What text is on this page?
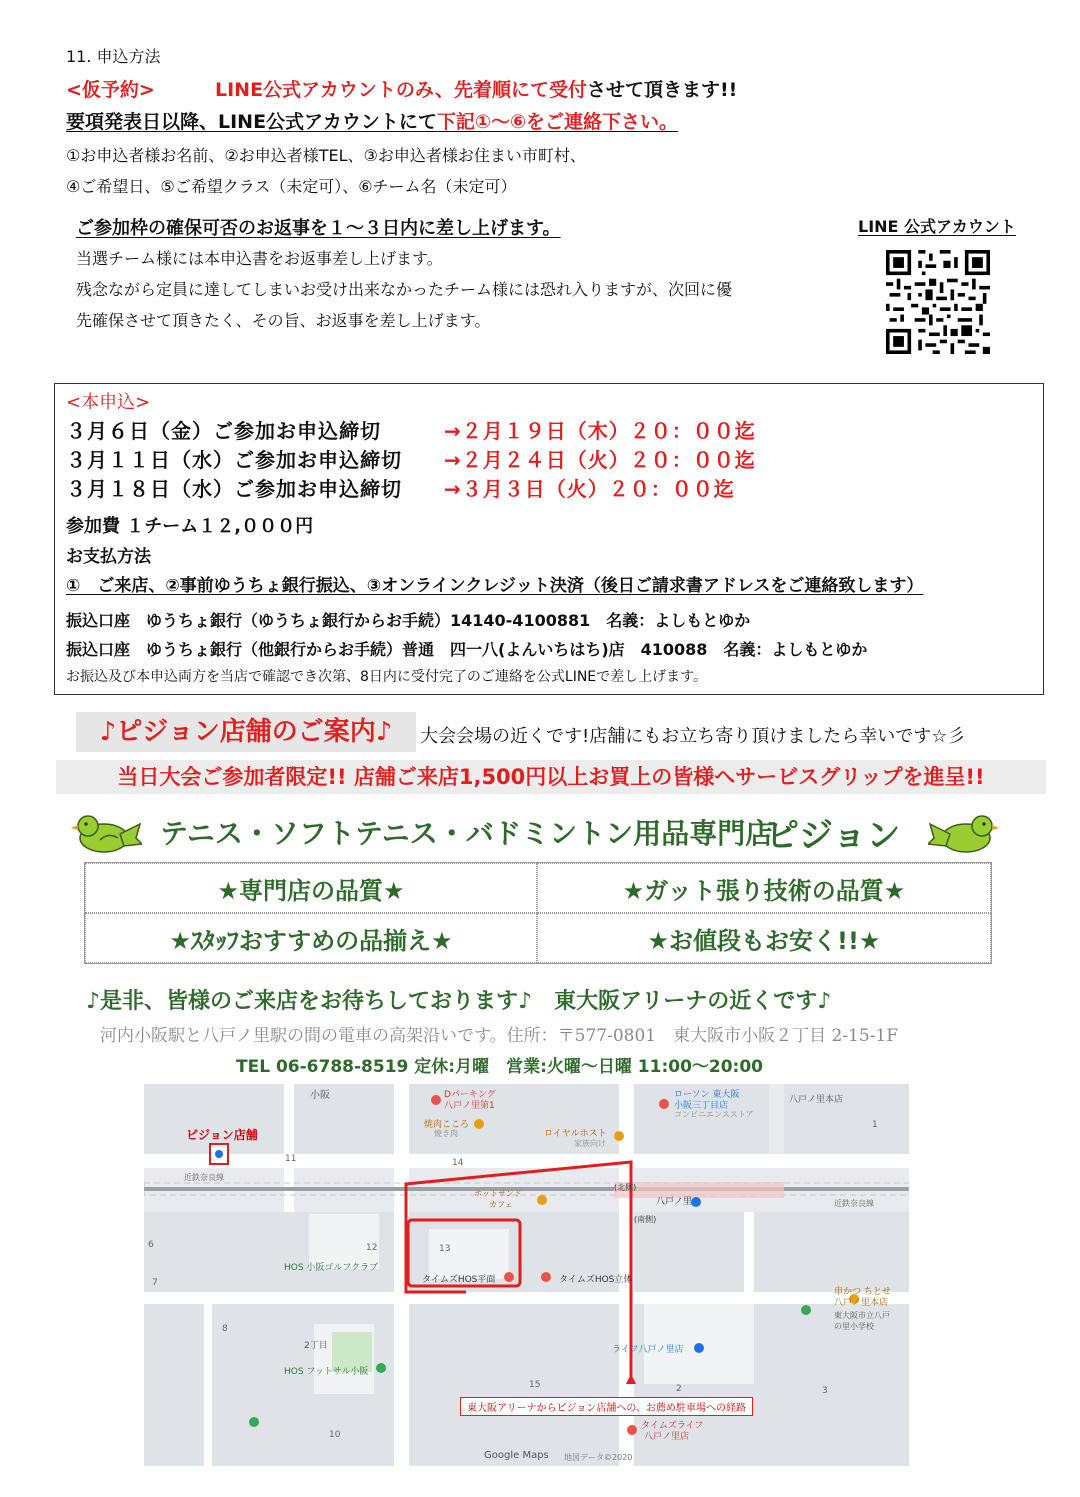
11. 申込方法
<仮予約>	LINE公式アカウントのみ、先着順にて受付させて頂きます!!
要項発表日以降、LINE公式アカウントにて下記①～⑥をご連絡下さい。
①お申込者様お名前、②お申込者様TEL、③お申込者様お住まい市町村、
④ご希望日、⑤ご希望クラス（未定可）、⑥チーム名（未定可）
ご参加枠の確保可否のお返事を１～３日内に差し上げます。
当選チーム様には本申込書をお返事差し上げます。
残念ながら定員に達してしまいお受け出来なかったチーム様には恐れ入りますが、次回に優
先確保させて頂きたく、その旨、お返事を差し上げます。
LINE 公式アカウント
<本申込>
３月６日（金）ご参加お申込締切	→２月１９日（木）２０：００迄
３月１１日（水）ご参加お申込締切 →２月２４日（火）２０：００迄
３月１８日（水）ご参加お申込締切 →３月３日（火）２０：００迄
参加費 １チーム１２,０００円
お支払方法
①　ご来店、②事前ゆうちょ銀行振込、③オンラインクレジット決済（後日ご請求書アドレスをご連絡致します）
振込口座　ゆうちょ銀行（ゆうちょ銀行からお手続）14140-4100881　名義：よしもとゆか
振込口座　ゆうちょ銀行（他銀行からお手続）普通　四一八(よんいちはち)店　410088　名義：よしもとゆか
お振込及び本申込両方を当店で確認でき次第、8日内に受付完了のご連絡を公式LINEで差し上げます。
♪ピジョン店舗のご案内♪	大会会場の近くです!店舗にもお立ち寄り頂けましたら幸いです☆彡
当日大会ご参加者限定!! 店舗ご来店1,500円以上お買上の皆様へサービスグリップを進呈!!
テニス・ソフトテニス・バドミントン用品専門店
ピジョン
★専門店の品質★	★ガット張り技術の品質★
★ｽﾀｯﾌおすすめの品揃え★	★お値段もお安く!!★
♪是非、皆様のご来店をお待ちしております♪　東大阪アリーナの近くです♪
河内小阪駅と八戸ノ里駅の間の電車の高架沿いです。住所：〒577-0801　東大阪市小阪２丁目 2-15-1F
TEL 06-6788-8519 定休:月曜　営業:火曜～日曜 11:00～20:00
ピジョン店舗
小阪	Dパーキング
八戸ノ里第1
焼肉こころ
焼き肉	ロイヤルホスト
家族向け
ローソン 東大阪
小阪三丁目店
コンビニエンスストア
八戸ノ里本店
近鉄奈良線
近鉄奈良線
ホットサンド
カフェ	八戸ノ里
(北側)
(南側)
HOS 小阪ゴルフクラブ
タイムズHOS平面	タイムズHOS立体
串かつ ちとせ
八戸ノ里本店
東大阪市立八戸
の里小学校
2丁目
HOS フットサル小阪
ライフ八戸ノ里店
タイムズライフ
八戸ノ里店
Google Maps 地図データ©2020
11	14
12	13
6
7
8
15	2	3
10
1
東大阪アリーナからピジョン店舗への、お薦め駐車場への経路
